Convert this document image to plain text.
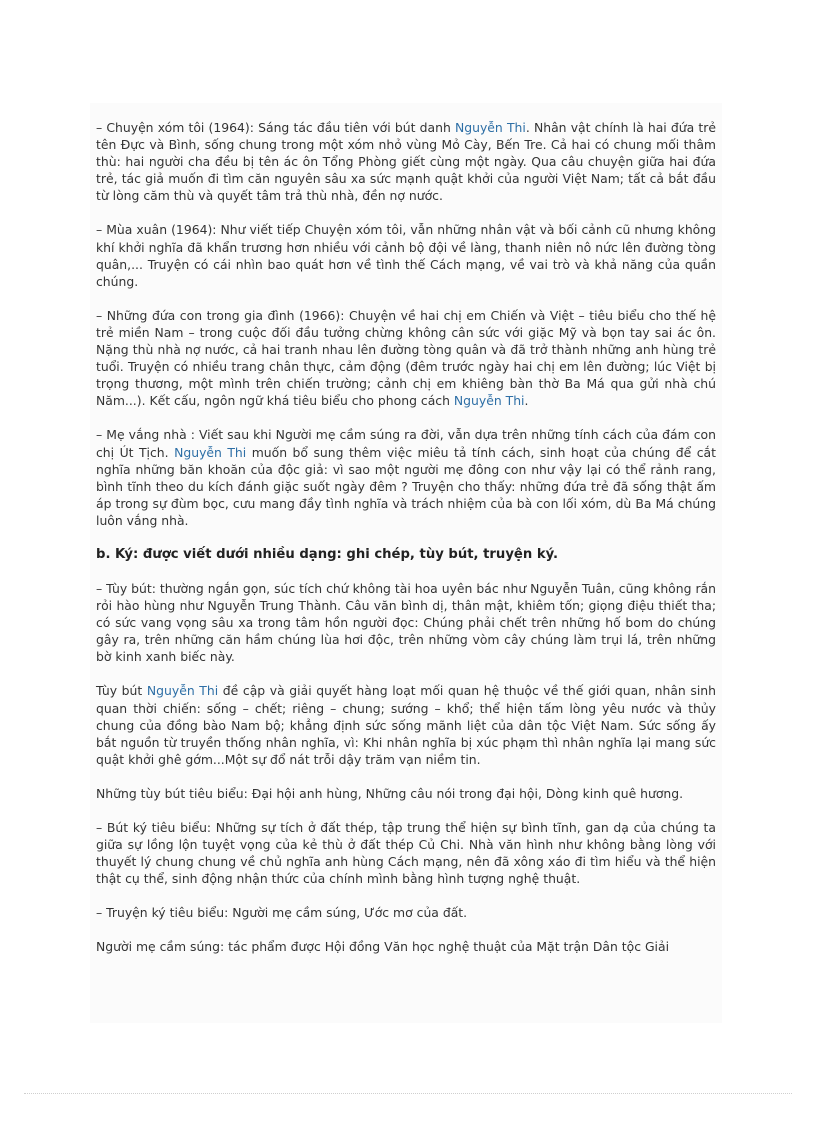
– Chuyện xóm tôi (1964): Sáng tác đầu tiên với bút danh Nguyễn Thi. Nhân vật chính là hai đứa trẻ tên Đực và Bình, sống chung trong một xóm nhỏ vùng Mỏ Cày, Bến Tre. Cả hai có chung mối thâm thù: hai người cha đều bị tên ác ôn Tổng Phòng giết cùng một ngày. Qua câu chuyện giữa hai đứa trẻ, tác giả muốn đi tìm căn nguyên sâu xa sức mạnh quật khởi của người Việt Nam; tất cả bắt đầu từ lòng căm thù và quyết tâm trả thù nhà, đền nợ nước.

– Mùa xuân (1964): Như viết tiếp Chuyện xóm tôi, vẫn những nhân vật và bối cảnh cũ nhưng không khí khởi nghĩa đã khẩn trương hơn nhiều với cảnh bộ đội về làng, thanh niên nô nức lên đường tòng quân,... Truyện có cái nhìn bao quát hơn về tình thế Cách mạng, về vai trò và khả năng của quần chúng.

– Những đứa con trong gia đình (1966): Chuyện về hai chị em Chiến và Việt – tiêu biểu cho thế hệ trẻ miền Nam – trong cuộc đối đầu tưởng chừng không cân sức với giặc Mỹ và bọn tay sai ác ôn. Nặng thù nhà nợ nước, cả hai tranh nhau lên đường tòng quân và đã trở thành những anh hùng trẻ tuổi. Truyện có nhiều trang chân thực, cảm động (đêm trước ngày hai chị em lên đường; lúc Việt bị trọng thương, một mình trên chiến trường; cảnh chị em khiêng bàn thờ Ba Má qua gửi nhà chú Năm...). Kết cấu, ngôn ngữ khá tiêu biểu cho phong cách Nguyễn Thi.

– Mẹ vắng nhà : Viết sau khi Người mẹ cầm súng ra đời, vẫn dựa trên những tính cách của đám con chị Út Tịch. Nguyễn Thi muốn bổ sung thêm việc miêu tả tính cách, sinh hoạt của chúng để cắt nghĩa những băn khoăn của độc giả: vì sao một người mẹ đông con như vậy lại có thể rảnh rang, bình tĩnh theo du kích đánh giặc suốt ngày đêm ? Truyện cho thấy: những đứa trẻ đã sống thật ấm áp trong sự đùm bọc, cưu mang đầy tình nghĩa và trách nhiệm của bà con lối xóm, dù Ba Má chúng luôn vắng nhà.

b. Ký: được viết dưới nhiều dạng: ghi chép, tùy bút, truyện ký.

– Tùy bút: thường ngắn gọn, súc tích chứ không tài hoa uyên bác như Nguyễn Tuân, cũng không rắn rỏi hào hùng như Nguyễn Trung Thành. Câu văn bình dị, thân mật, khiêm tốn; giọng điệu thiết tha; có sức vang vọng sâu xa trong tâm hồn người đọc: Chúng phải chết trên những hố bom do chúng gây ra, trên những căn hầm chúng lùa hơi độc, trên những vòm cây chúng làm trụi lá, trên những bờ kinh xanh biếc này.

Tùy bút Nguyễn Thi đề cập và giải quyết hàng loạt mối quan hệ thuộc về thế giới quan, nhân sinh quan thời chiến: sống – chết; riêng – chung; sướng – khổ; thể hiện tấm lòng yêu nước và thủy chung của đồng bào Nam bộ; khẳng định sức sống mãnh liệt của dân tộc Việt Nam. Sức sống ấy bắt nguồn từ truyền thống nhân nghĩa, vì: Khi nhân nghĩa bị xúc phạm thì nhân nghĩa lại mang sức quật khởi ghê gớm...Một sự đổ nát trỗi dậy trăm vạn niềm tin.

Những tùy bút tiêu biểu: Đại hội anh hùng, Những câu nói trong đại hội, Dòng kinh quê hương.

– Bút ký tiêu biểu: Những sự tích ở đất thép, tập trung thể hiện sự bình tĩnh, gan dạ của chúng ta giữa sự lồng lộn tuyệt vọng của kẻ thù ở đất thép Củ Chi. Nhà văn hình như không bằng lòng với thuyết lý chung chung về chủ nghĩa anh hùng Cách mạng, nên đã xông xáo đi tìm hiểu và thể hiện thật cụ thể, sinh động nhận thức của chính mình bằng hình tượng nghệ thuật.

– Truyện ký tiêu biểu: Người mẹ cầm súng, Ước mơ của đất.

Người mẹ cầm súng: tác phẩm được Hội đồng Văn học nghệ thuật của Mặt trận Dân tộc Giải
